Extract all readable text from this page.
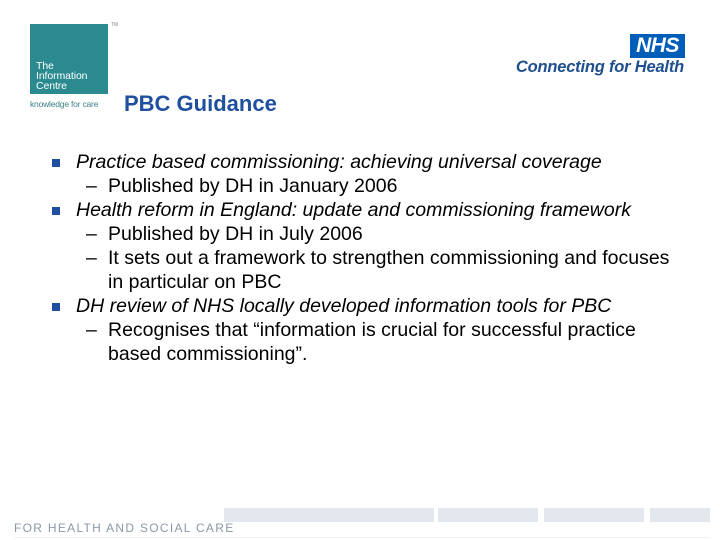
The
Information
Centre
TM
knowledge for care
NHS
Connecting for Health
PBC Guidance
Practice based commissioning: achieving universal coverage
– Published by DH in January 2006
Health reform in England: update and commissioning framework
– Published by DH in July 2006
– It sets out a framework to strengthen commissioning and focuses in particular on PBC
DH review of NHS locally developed information tools for PBC
– Recognises that “information is crucial for successful practice based commissioning”.
FOR HEALTH AND SOCIAL CARE
